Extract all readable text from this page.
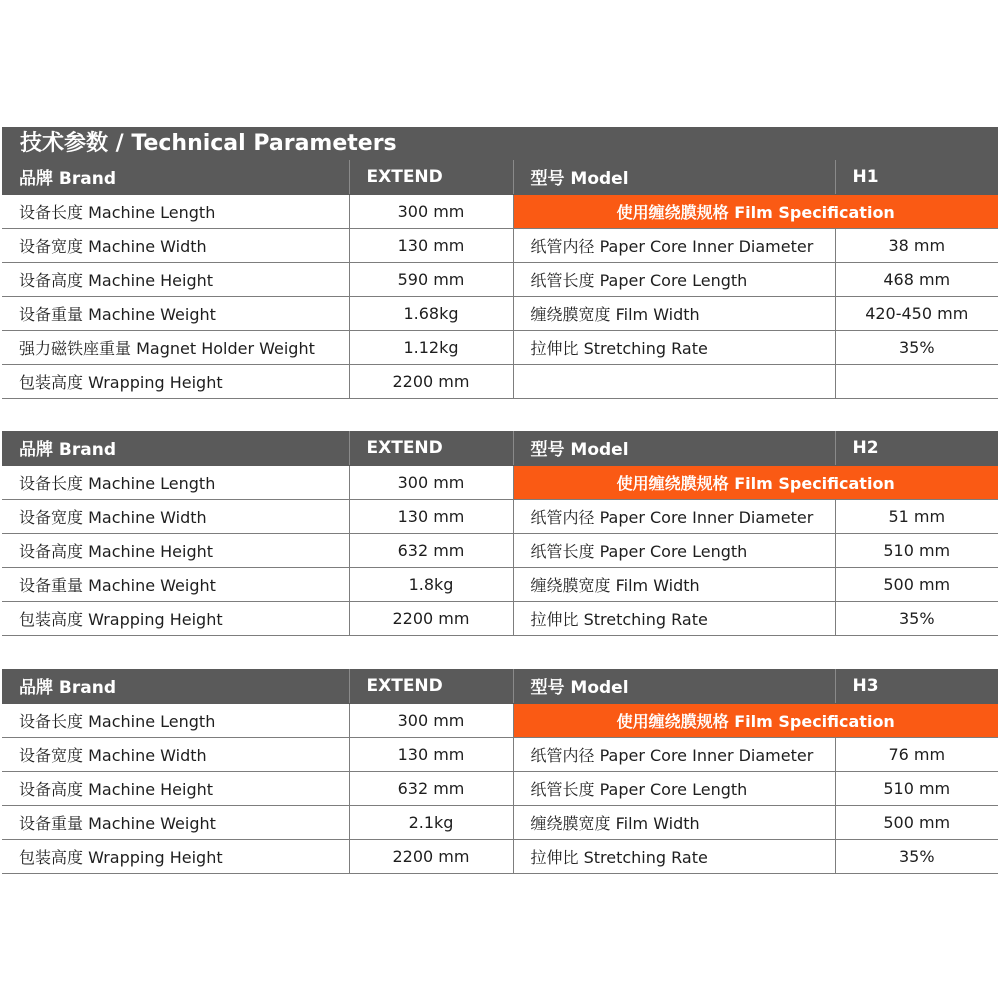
技术参数 / Technical Parameters
品牌 Brand	EXTEND	型号 Model	H1
设备长度 Machine Length	300 mm	使用缠绕膜规格 Film Specification	
设备宽度 Machine Width	130 mm	纸管内径 Paper Core Inner Diameter	38 mm
设备高度 Machine Height	590 mm	纸管长度 Paper Core Length	468 mm
设备重量 Machine Weight	1.68kg	缠绕膜宽度 Film Width	420-450 mm
强力磁铁座重量 Magnet Holder Weight	1.12kg	拉伸比 Stretching Rate	35%
包装高度 Wrapping Height	2200 mm		
品牌 Brand	EXTEND	型号 Model	H2
设备长度 Machine Length	300 mm	使用缠绕膜规格 Film Specification	
设备宽度 Machine Width	130 mm	纸管内径 Paper Core Inner Diameter	51 mm
设备高度 Machine Height	632 mm	纸管长度 Paper Core Length	510 mm
设备重量 Machine Weight	1.8kg	缠绕膜宽度 Film Width	500 mm
包装高度 Wrapping Height	2200 mm	拉伸比 Stretching Rate	35%
品牌 Brand	EXTEND	型号 Model	H3
设备长度 Machine Length	300 mm	使用缠绕膜规格 Film Specification	
设备宽度 Machine Width	130 mm	纸管内径 Paper Core Inner Diameter	76 mm
设备高度 Machine Height	632 mm	纸管长度 Paper Core Length	510 mm
设备重量 Machine Weight	2.1kg	缠绕膜宽度 Film Width	500 mm
包装高度 Wrapping Height	2200 mm	拉伸比 Stretching Rate	35%
